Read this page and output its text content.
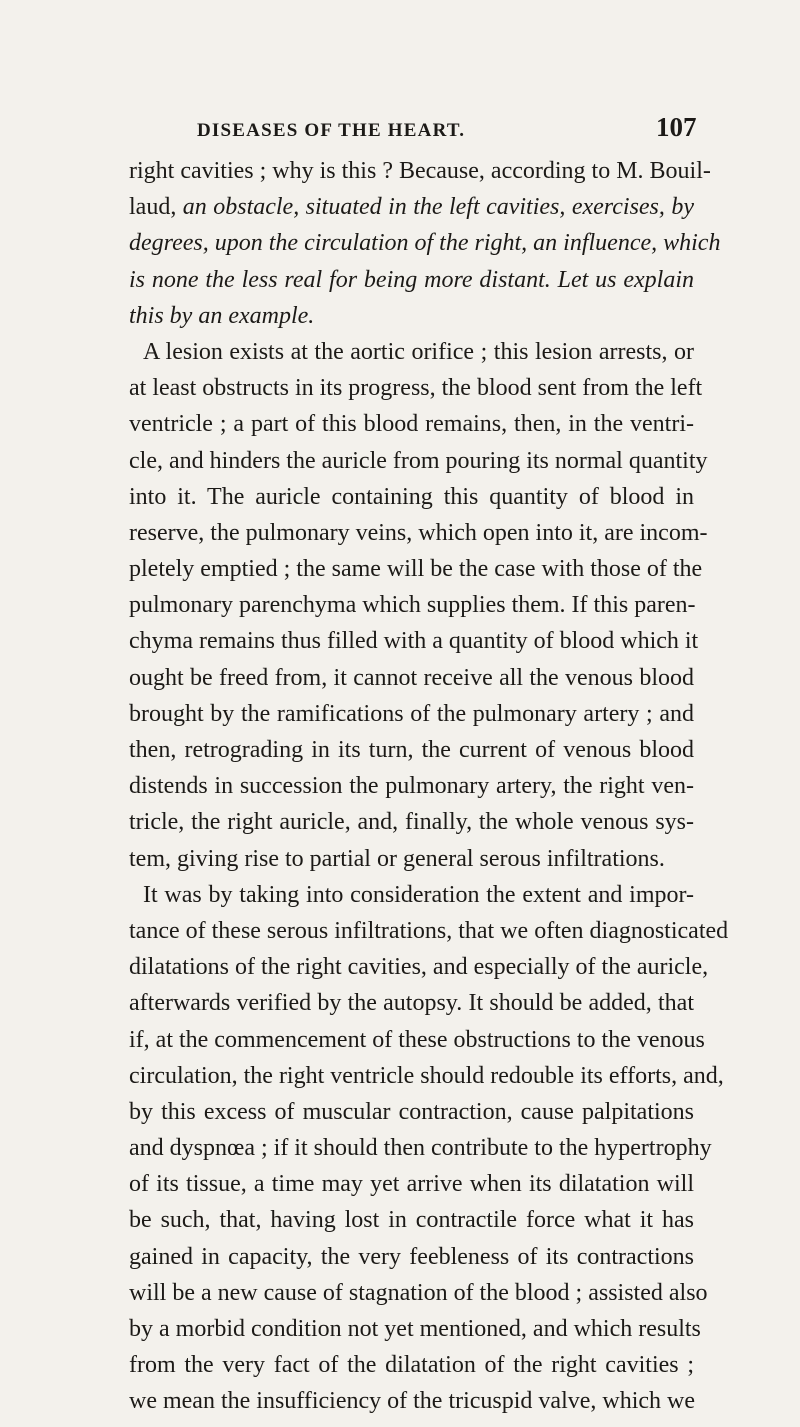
DISEASES OF THE HEART.	107
right cavities ; why is this ? Because, according to M. Bouil-
laud, an obstacle, situated in the left cavities, exercises, by
degrees, upon the circulation of the right, an influence, which
is none the less real for being more distant. Let us explain
this by an example.
A lesion exists at the aortic orifice ; this lesion arrests, or
at least obstructs in its progress, the blood sent from the left
ventricle ; a part of this blood remains, then, in the ventri-
cle, and hinders the auricle from pouring its normal quantity
into it. The auricle containing this quantity of blood in
reserve, the pulmonary veins, which open into it, are incom-
pletely emptied ; the same will be the case with those of the
pulmonary parenchyma which supplies them. If this paren-
chyma remains thus filled with a quantity of blood which it
ought be freed from, it cannot receive all the venous blood
brought by the ramifications of the pulmonary artery ; and
then, retrograding in its turn, the current of venous blood
distends in succession the pulmonary artery, the right ven-
tricle, the right auricle, and, finally, the whole venous sys-
tem, giving rise to partial or general serous infiltrations.
It was by taking into consideration the extent and impor-
tance of these serous infiltrations, that we often diagnosticated
dilatations of the right cavities, and especially of the auricle,
afterwards verified by the autopsy. It should be added, that
if, at the commencement of these obstructions to the venous
circulation, the right ventricle should redouble its efforts, and,
by this excess of muscular contraction, cause palpitations
and dyspnœa ; if it should then contribute to the hypertrophy
of its tissue, a time may yet arrive when its dilatation will
be such, that, having lost in contractile force what it has
gained in capacity, the very feebleness of its contractions
will be a new cause of stagnation of the blood ; assisted also
by a morbid condition not yet mentioned, and which results
from the very fact of the dilatation of the right cavities ;
we mean the insufficiency of the tricuspid valve, which we
